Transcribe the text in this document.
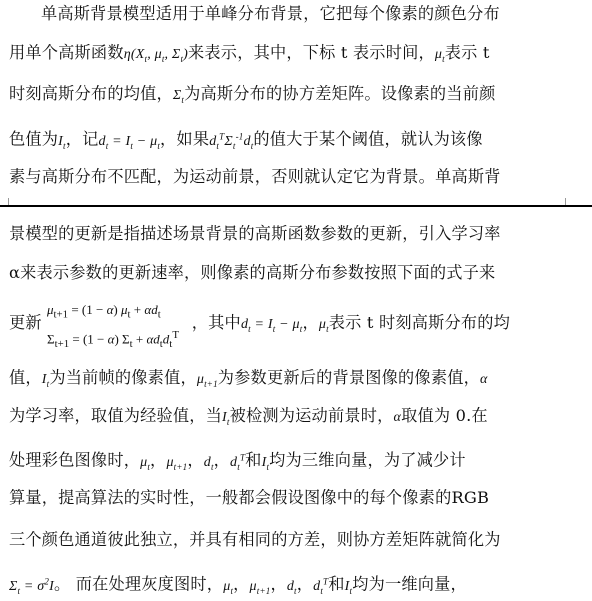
单高斯背景模型适用于单峰分布背景，它把每个像素的颜色分布
用单个高斯函数$\eta(X_t$, $\mu_t$, $\Sigma_t$)来表示，其中，下标 t 表示时间，$\mu_t$表示 t
时刻高斯分布的均值，$\Sigma_t$为高斯分布的协方差矩阵。设像素的当前颜
色值为$I_t$，记$d_t = I_t - \mu_t$，如果$d_t^T\Sigma_t^{-1}d_t$的值大于某个阈值，就认为该像
素与高斯分布不匹配，为运动前景，否则就认定它为背景。单高斯背
景模型的更新是指描述场景背景的高斯函数参数的更新，引入学习率
α来表示参数的更新速率，则像素的高斯分布参数按照下面的式子来
更新	，其中$d_t = I_t - \mu_t$，$\mu_t$表示 t 时刻高斯分布的均
$\mu_{t+1} = (1 - \alpha) \mu_t + \alpha d_t$
$\Sigma_{t+1} = (1 - \alpha) \Sigma_t + \alpha d_td_t^T$
值，$I_t$为当前帧的像素值，$\mu_{t+1}$为参数更新后的背景图像的像素值，α
为学习率，取值为经验值，当$I_t$被检测为运动前景时，α取值为 0.在
处理彩色图像时，$\mu_t$，$\mu_{t+1}$，$d_t$，$d_t^T$和$I_t$均为三维向量，为了减少计
算量，提高算法的实时性，一般都会假设图像中的每个像素的RGB
三个颜色通道彼此独立，并具有相同的方差，则协方差矩阵就简化为
$\Sigma_t = \sigma^2I$。 而在处理灰度图时，$\mu_t$，$\mu_{t+1}$，$d_t$，$d_t^T$和$I_t$均为一维向量，
